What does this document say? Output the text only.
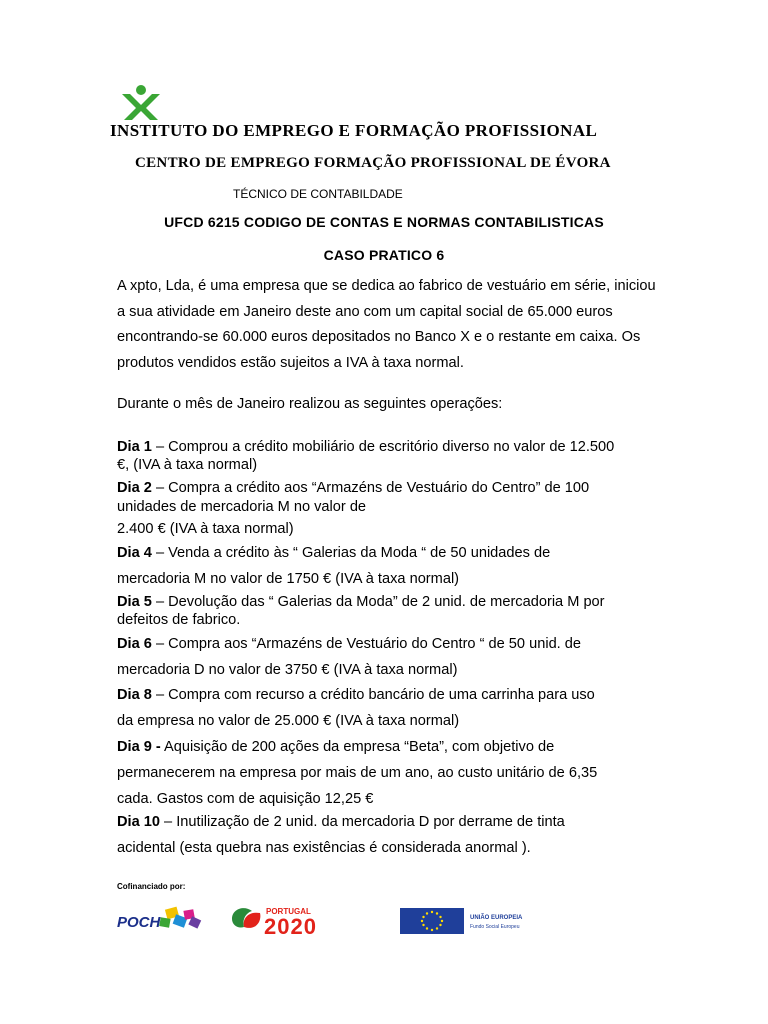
INSTITUTO DO EMPREGO E FORMAÇÃO PROFISSIONAL
CENTRO DE EMPREGO FORMAÇÃO PROFISSIONAL DE ÉVORA
TÉCNICO DE CONTABILDADE
UFCD 6215 CODIGO DE CONTAS E NORMAS CONTABILISTICAS
CASO PRATICO 6
A xpto, Lda, é uma empresa que se dedica ao fabrico de vestuário em série, iniciou a sua atividade em Janeiro deste ano com um capital social de 65.000 euros encontrando-se 60.000 euros depositados no Banco X e o restante em caixa. Os produtos vendidos estão sujeitos a IVA à taxa normal.
Durante o mês de Janeiro realizou as seguintes operações:
Dia 1 – Comprou a crédito mobiliário de escritório diverso no valor de 12.500
€, (IVA à taxa normal)
Dia 2 – Compra a crédito aos “Armazéns de Vestuário do Centro” de 100
unidades de mercadoria M no valor de
2.400 € (IVA à taxa normal)
Dia 4 – Venda a crédito às “ Galerias da Moda “ de 50 unidades de
mercadoria M no valor de 1750 € (IVA à taxa normal)
Dia 5 – Devolução das “ Galerias da Moda” de 2 unid. de mercadoria M por
defeitos de fabrico.
Dia 6 – Compra aos “Armazéns de Vestuário do Centro “ de 50 unid. de
mercadoria D no valor de 3750 € (IVA à taxa normal)
Dia 8 – Compra com recurso a crédito bancário de uma carrinha para uso
da empresa no valor de 25.000 € (IVA à taxa normal)
Dia 9 - Aquisição de 200 ações da empresa “Beta”, com objetivo de
permanecerem na empresa por mais de um ano, ao custo unitário de 6,35
cada. Gastos com de aquisição 12,25 €
Dia 10 – Inutilização de 2 unid. da mercadoria D por derrame de tinta
acidental (esta quebra nas existências é considerada anormal ).
Cofinanciado por:
POCH
PORTUGAL
2020	UNIÃO EUROPEIA
Fundo Social Europeu
